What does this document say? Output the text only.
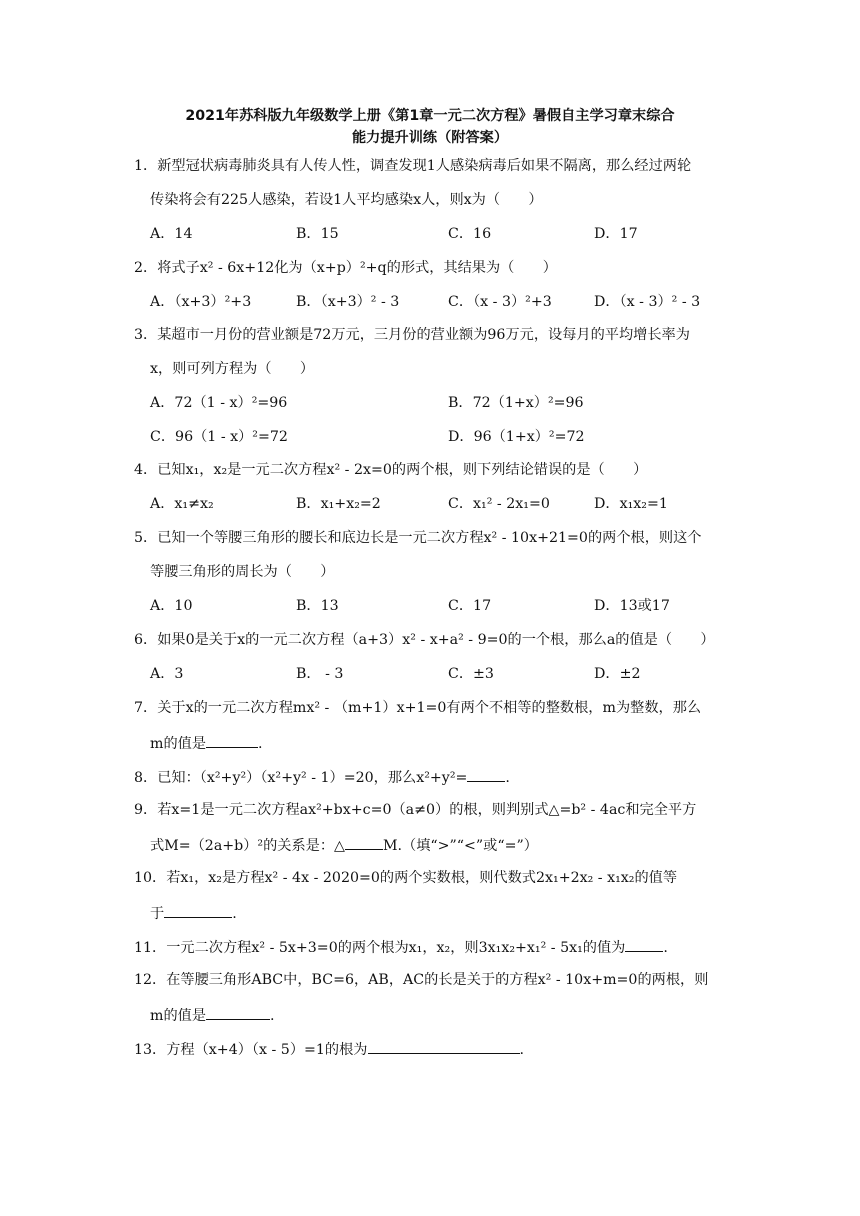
2021年苏科版九年级数学上册《第1章一元二次方程》暑假自主学习章末综合
能力提升训练（附答案）
1．新型冠状病毒肺炎具有人传人性，调查发现1人感染病毒后如果不隔离，那么经过两轮
传染将会有225人感染，若设1人平均感染x人，则x为（　　）
A．14	B．15	C．16	D．17
2．将式子x² - 6x+12化为（x+p）²+q的形式，其结果为（　　）
A．（x+3）²+3	B．（x+3）² - 3	C．（x - 3）²+3	D．（x - 3）² - 3
3．某超市一月份的营业额是72万元，三月份的营业额为96万元，设每月的平均增长率为
x，则可列方程为（　　）
A．72（1 - x）²=96	B．72（1+x）²=96
C．96（1 - x）²=72	D．96（1+x）²=72
4．已知x₁，x₂是一元二次方程x² - 2x=0的两个根，则下列结论错误的是（　　）
A．x₁≠x₂	B．x₁+x₂=2	C．x₁² - 2x₁=0	D．x₁x₂=1
5．已知一个等腰三角形的腰长和底边长是一元二次方程x² - 10x+21=0的两个根，则这个
等腰三角形的周长为（　　）
A．10	B．13	C．17	D．13或17
6．如果0是关于x的一元二次方程（a+3）x² - x+a² - 9=0的一个根，那么a的值是（　　）
A．3	B． - 3	C．±3	D．±2
7．关于x的一元二次方程mx² - （m+1）x+1=0有两个不相等的整数根，m为整数，那么
m的值是	.
8．已知：（x²+y²）（x²+y² - 1）=20，那么x²+y²=	.
9．若x=1是一元二次方程ax²+bx+c=0（a≠0）的根，则判别式△=b² - 4ac和完全平方
式M=（2a+b）²的关系是：△	M.（填“>”“<”或“=”）
10．若x₁，x₂是方程x² - 4x - 2020=0的两个实数根，则代数式2x₁+2x₂ - x₁x₂的值等
于	.
11．一元二次方程x² - 5x+3=0的两个根为x₁，x₂，则3x₁x₂+x₁² - 5x₁的值为	.
12．在等腰三角形ABC中，BC=6，AB，AC的长是关于的方程x² - 10x+m=0的两根，则
m的值是	.
13．方程（x+4）（x - 5）=1的根为	.
